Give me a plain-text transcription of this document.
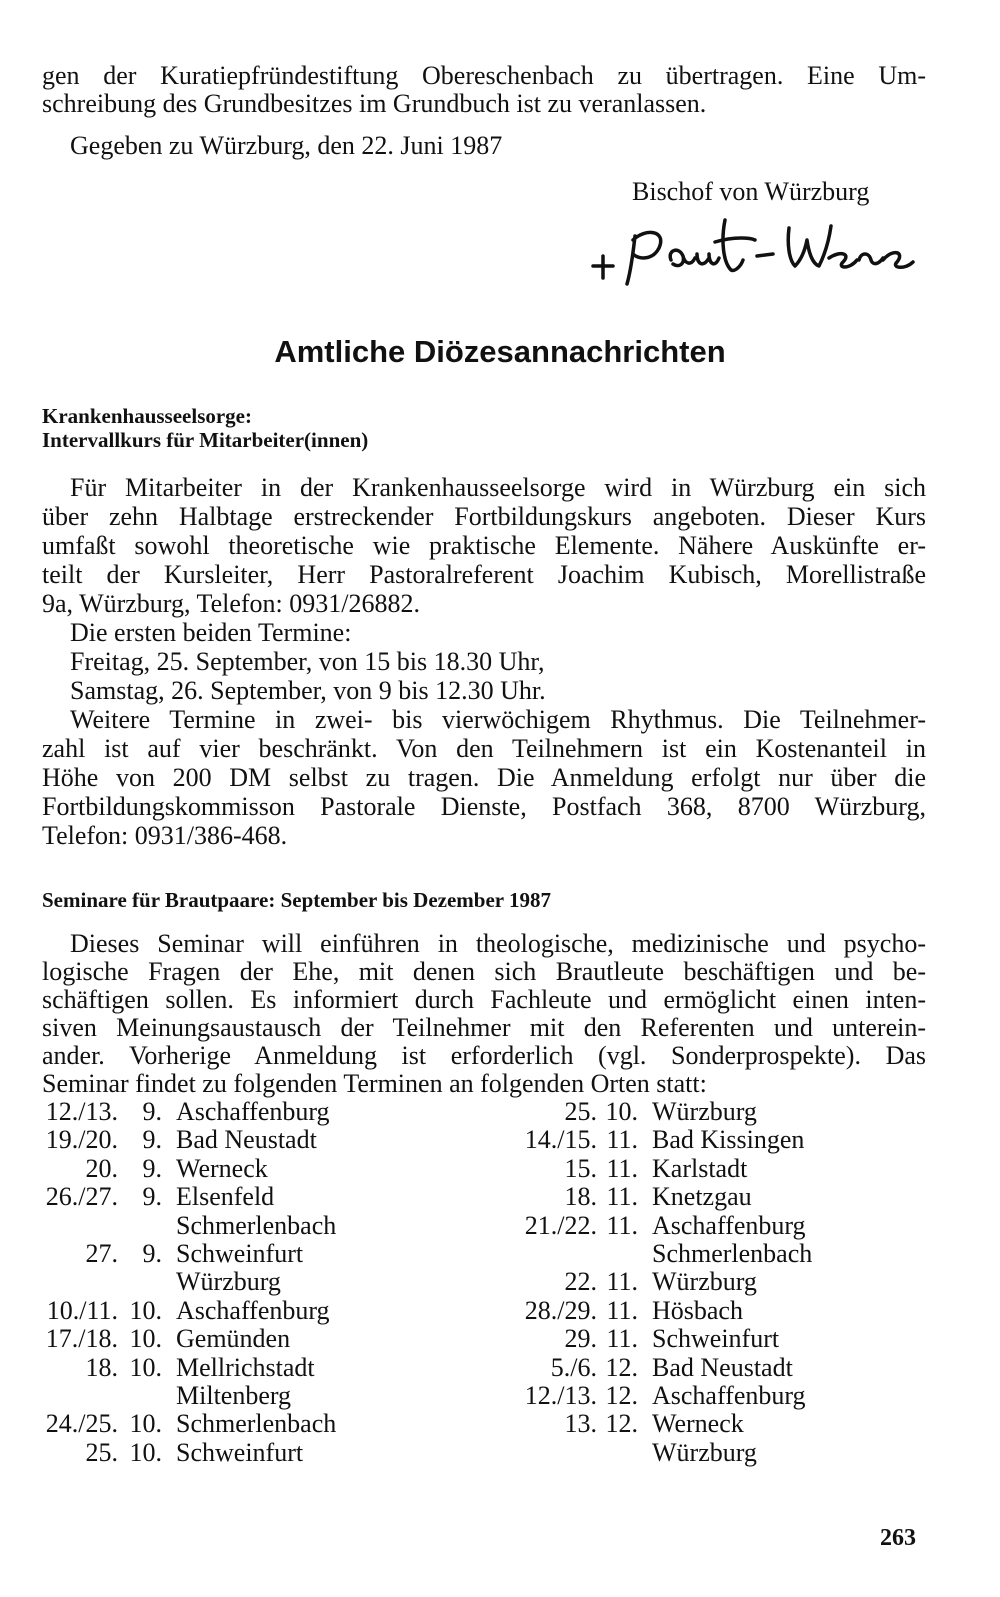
gen der Kuratiepfründestiftung Obereschenbach zu übertragen. Eine Um-
schreibung des Grundbesitzes im Grundbuch ist zu veranlassen.
Gegeben zu Würzburg, den 22. Juni 1987
Bischof von Würzburg
Amtliche Diözesannachrichten
Krankenhausseelsorge:
Intervallkurs für Mitarbeiter(innen)
Für Mitarbeiter in der Krankenhausseelsorge wird in Würzburg ein sich
über zehn Halbtage erstreckender Fortbildungskurs angeboten. Dieser Kurs
umfaßt sowohl theoretische wie praktische Elemente. Nähere Auskünfte er-
teilt der Kursleiter, Herr Pastoralreferent Joachim Kubisch, Morellistraße
9a, Würzburg, Telefon: 0931/26882.
Die ersten beiden Termine:
Freitag, 25. September, von 15 bis 18.30 Uhr,
Samstag, 26. September, von 9 bis 12.30 Uhr.
Weitere Termine in zwei- bis vierwöchigem Rhythmus. Die Teilnehmer-
zahl ist auf vier beschränkt. Von den Teilnehmern ist ein Kostenanteil in
Höhe von 200 DM selbst zu tragen. Die Anmeldung erfolgt nur über die
Fortbildungskommisson Pastorale Dienste, Postfach 368, 8700 Würzburg,
Telefon: 0931/386-468.
Seminare für Brautpaare: September bis Dezember 1987
Dieses Seminar will einführen in theologische, medizinische und psycho-
logische Fragen der Ehe, mit denen sich Brautleute beschäftigen und be-
schäftigen sollen. Es informiert durch Fachleute und ermöglicht einen inten-
siven Meinungsaustausch der Teilnehmer mit den Referenten und unterein-
ander. Vorherige Anmeldung ist erforderlich (vgl. Sonderprospekte). Das
Seminar findet zu folgenden Terminen an folgenden Orten statt:
12./13. 9. Aschaffenburg
19./20. 9. Bad Neustadt
20. 9. Werneck
26./27. 9. Elsenfeld
Schmerlenbach
27. 9. Schweinfurt
Würzburg
10./11. 10. Aschaffenburg
17./18. 10. Gemünden
18. 10. Mellrichstadt
Miltenberg
24./25. 10. Schmerlenbach
25. 10. Schweinfurt
25. 10. Würzburg
14./15. 11. Bad Kissingen
15. 11. Karlstadt
18. 11. Knetzgau
21./22. 11. Aschaffenburg
Schmerlenbach
22. 11. Würzburg
28./29. 11. Hösbach
29. 11. Schweinfurt
5./6. 12. Bad Neustadt
12./13. 12. Aschaffenburg
13. 12. Werneck
Würzburg
263
